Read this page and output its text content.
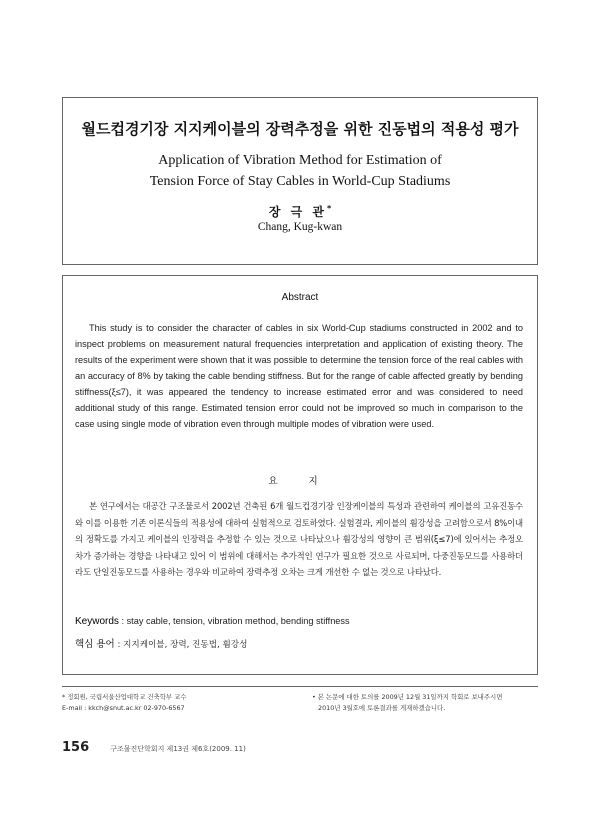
월드컵경기장 지지케이블의 장력추정을 위한 진동법의 적용성 평가
Application of Vibration Method for Estimation of
Tension Force of Stay Cables in World-Cup Stadiums
장 극 관*
Chang, Kug-kwan
Abstract

This study is to consider the character of cables in six World-Cup stadiums constructed in 2002 and to inspect problems on measurement natural frequencies interpretation and application of existing theory. The results of the experiment were shown that it was possible to determine the tension force of the real cables with an accuracy of 8% by taking the cable bending stiffness. But for the range of cable affected greatly by bending stiffness(ξ≤7), it was appeared the tendency to increase estimated error and was considered to need additional study of this range. Estimated tension error could not be improved so much in comparison to the case using single mode of vibration even through multiple modes of vibration were used.

요 지

본 연구에서는 대공간 구조물로서 2002년 건축된 6개 월드컵경기장 인장케이블의 특성과 관련하여 케이블의 고유진동수와 이를 이용한 기존 이론식들의 적용성에 대하여 실험적으로 검토하였다. 실험결과, 케이블의 휨강성을 고려함으로서 8%이내의 정확도를 가지고 케이블의 인장력을 추정할 수 있는 것으로 나타났으나 휨강성의 영향이 큰 범위(ξ≤7)에 있어서는 추정오차가 증가하는 경향을 나타내고 있어 이 범위에 대해서는 추가적인 연구가 필요한 것으로 사료되며, 다중진동모드를 사용하더라도 단일진동모드를 사용하는 경우와 비교하여 장력추정 오차는 크게 개선한 수 없는 것으로 나타났다.

Keywords : stay cable, tension, vibration method, bending stiffness
핵심 용어 : 지지케이블, 장력, 진동법, 휨강성
* 정회원, 국립서울산업대학교 건축학부 교수
E-mail : kkch@snut.ac.kr 02-970-6567
• 본 논문에 대한 토의를 2009년 12월 31일까지 학회로 보내주시면
2010년 3월호에 토론결과를 게재하겠습니다.
156	구조물진단학회지 제13권 제6호(2009. 11)
